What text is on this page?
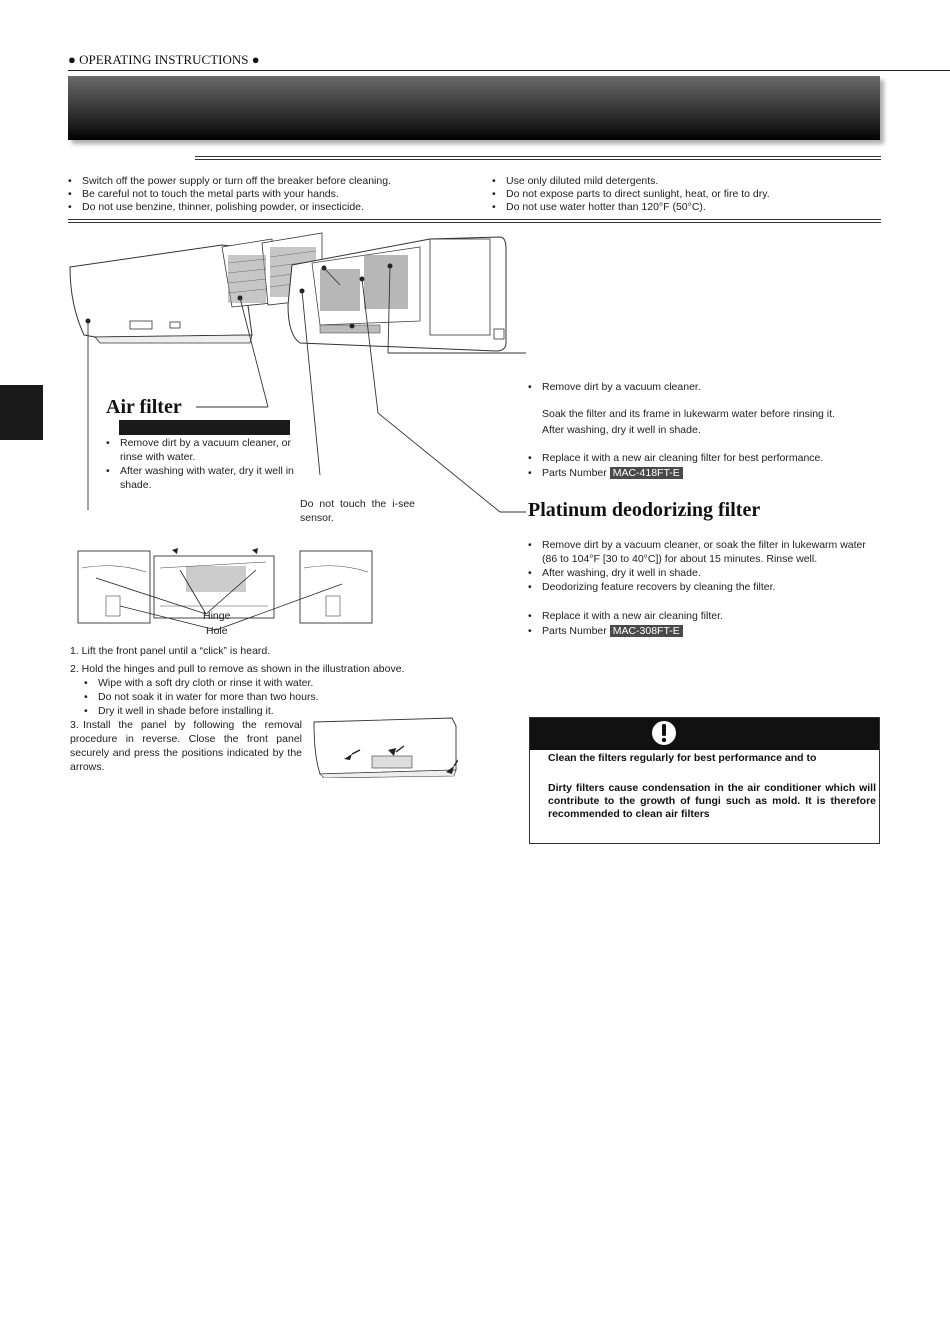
● OPERATING INSTRUCTIONS ●
• Switch off the power supply or turn off the breaker before cleaning.
• Be careful not to touch the metal parts with your hands.
• Do not use benzine, thinner, polishing powder, or insecticide.
• Use only diluted mild detergents.
• Do not expose parts to direct sunlight, heat, or fire to dry.
• Do not use water hotter than 120°F (50°C).
Air filter
• Remove dirt by a vacuum cleaner, or rinse with water.
• After washing with water, dry it well in shade.
Do not touch the i-see sensor.
• Remove dirt by a vacuum cleaner.
Soak the filter and its frame in lukewarm water before rinsing it.
After washing, dry it well in shade.
• Replace it with a new air cleaning filter for best performance.
• Parts Number MAC-418FT-E
Platinum deodorizing filter
• Remove dirt by a vacuum cleaner, or soak the filter in lukewarm water (86 to 104°F [30 to 40°C]) for about 15 minutes. Rinse well.
• After washing, dry it well in shade.
• Deodorizing feature recovers by cleaning the filter.
• Replace it with a new air cleaning filter.
• Parts Number MAC-308FT-E
Hinge
Hole
1. Lift the front panel until a “click” is heard.
2. Hold the hinges and pull to remove as shown in the illustration above.
• Wipe with a soft dry cloth or rinse it with water.
• Do not soak it in water for more than two hours.
• Dry it well in shade before installing it.
3. Install the panel by following the removal procedure in reverse. Close the front panel securely and press the positions indicated by the arrows.

Clean the filters regularly for best performance and to

Dirty filters cause condensation in the air conditioner which will contribute to the growth of fungi such as mold. It is therefore recommended to clean air filters
